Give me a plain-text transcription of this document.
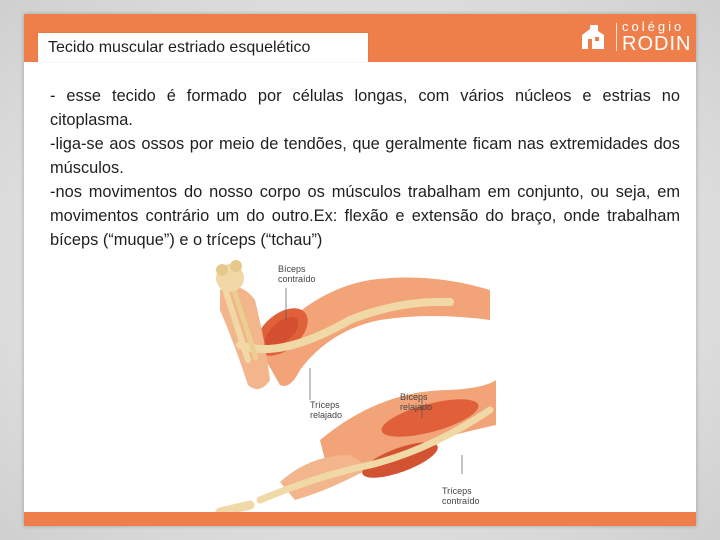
Tecido muscular estriado esquelético
colégio
RODIN

- esse tecido é formado por células longas, com vários núcleos e estrias no citoplasma.

-liga-se aos ossos por meio de tendões, que geralmente ficam nas extremidades dos músculos.

-nos movimentos do nosso corpo os músculos trabalham em conjunto, ou seja, em movimentos contrário um do outro.Ex: flexão e extensão do braço, onde trabalham bíceps (“muque”) e o tríceps (“tchau”)

Bíceps
contraído
Tríceps
relajado
Bíceps
relajado
Tríceps
contraído
